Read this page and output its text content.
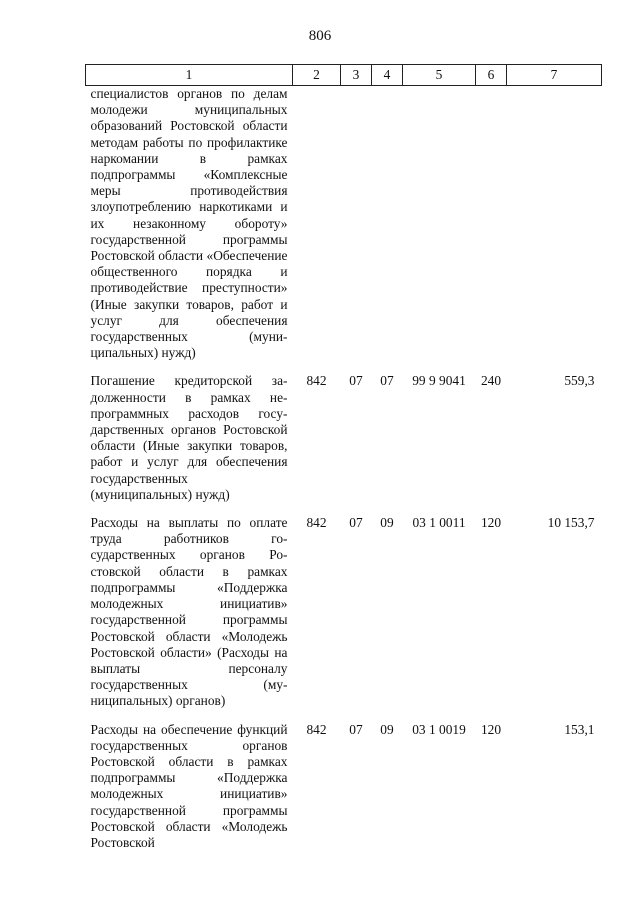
806
1	2	3	4	5	6	7
специалистов органов по делам молодежи муниципальных образований Ростовской области методам работы по профилактике наркомании в рамках подпрограммы «Комплексные меры противодействия злоупотреблению наркотиками и их незаконному обороту» государственной программы Ростовской области «Обеспечение общественного порядка и противодействие преступности» (Иные закупки товаров, работ и услуг для обеспечения государственных (муниципальных) нужд)						
Погашение кредиторской задолженности в рамках непрограммных расходов государственных органов Ростовской области (Иные закупки товаров, работ и услуг для обеспечения государственных (муниципальных) нужд)	842	07	07	99 9 9041	240	559,3
Расходы на выплаты по оплате труда работников государственных органов Ростовской области в рамках подпрограммы «Поддержка молодежных инициатив» государственной программы Ростовской области «Молодежь Ростовской области» (Расходы на выплаты персоналу государственных (муниципальных) органов)	842	07	09	03 1 0011	120	10 153,7
Расходы на обеспечение функций государственных органов Ростовской области в рамках подпрограммы «Поддержка молодежных инициатив» государственной программы Ростовской области «Молодежь Ростовской	842	07	09	03 1 0019	120	153,1
